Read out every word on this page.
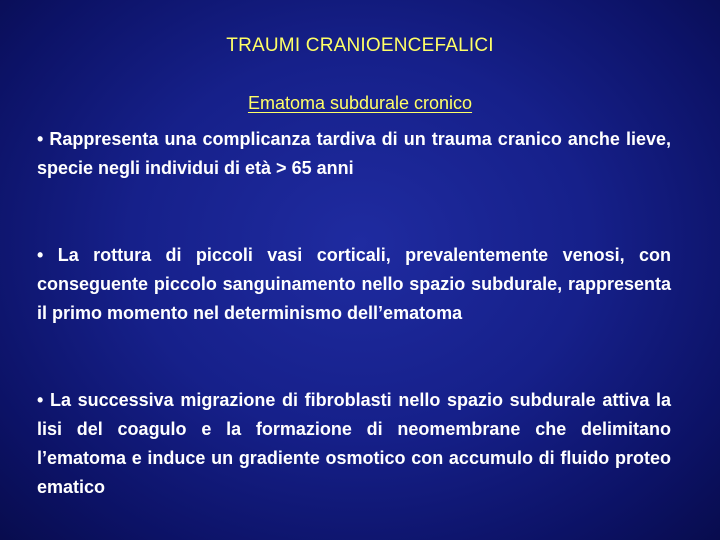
TRAUMI CRANIOENCEFALICI
Ematoma subdurale cronico
• Rappresenta una complicanza tardiva di un trauma cranico anche lieve, specie negli individui di età > 65 anni
• La rottura di piccoli vasi corticali, prevalentemente venosi, con conseguente piccolo sanguinamento nello spazio subdurale, rappresenta il primo momento nel determinismo dell’ematoma
• La successiva migrazione di fibroblasti nello spazio subdurale attiva la lisi del coagulo e la formazione di neomembrane che delimitano l’ematoma e induce un gradiente osmotico con accumulo di fluido proteo ematico
